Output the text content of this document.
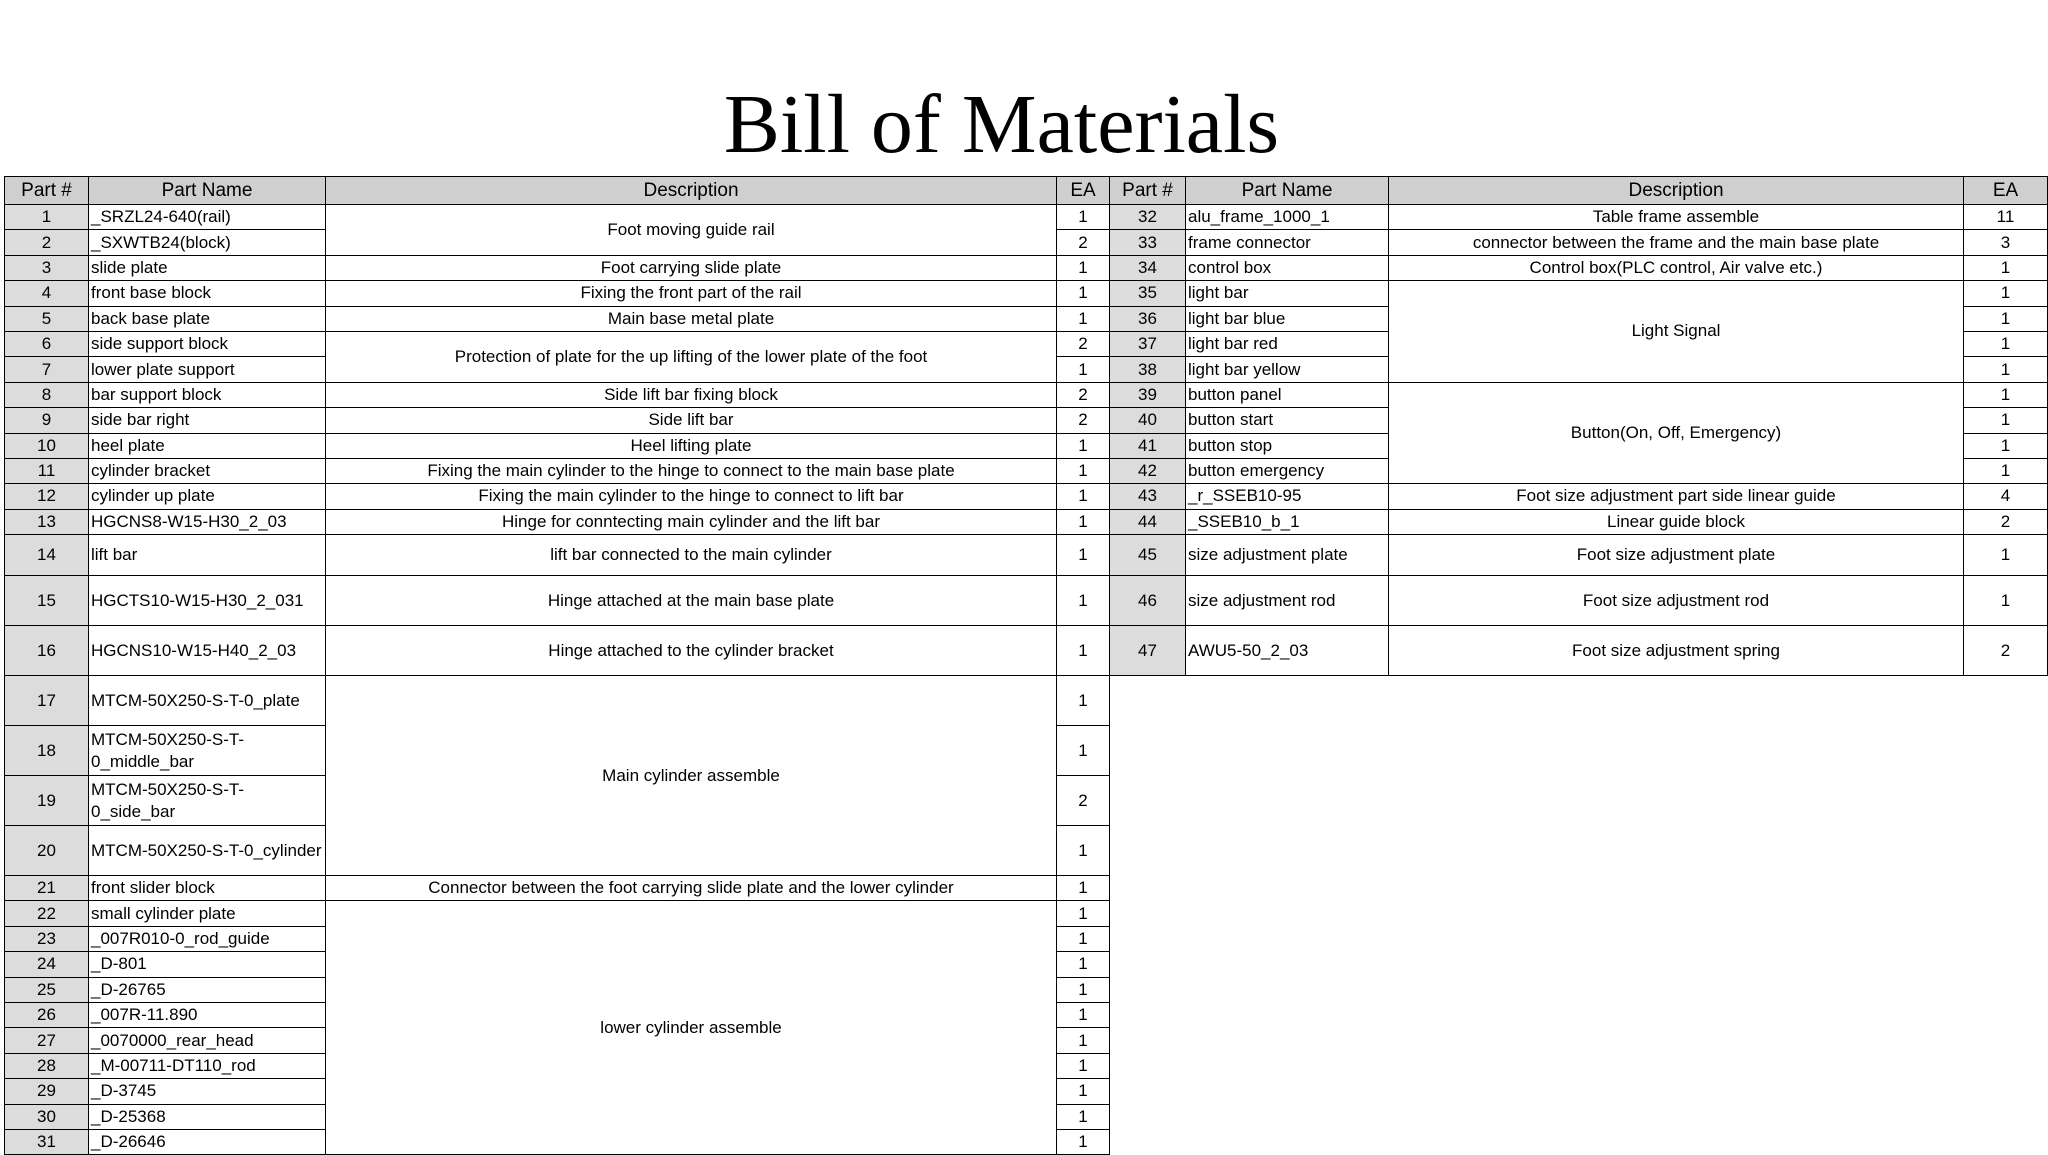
Bill of Materials
Part #	Part Name	Description	EA
1	_SRZL24-640(rail)	Foot moving guide rail	1
2	_SXWTB24(block)		2
3	slide plate	Foot carrying slide plate	1
4	front base block	Fixing the front part of the rail	1
5	back base plate	Main base metal plate	1
6	side support block	Protection of plate for the up lifting of the lower plate of the foot	2
7	lower plate support		1
8	bar support block	Side lift bar fixing block	2
9	side bar right	Side lift bar	2
10	heel plate	Heel lifting plate	1
11	cylinder bracket	Fixing the main cylinder to the hinge to connect to the main base plate	1
12	cylinder up plate	Fixing the main cylinder to the hinge to connect to lift bar	1
13	HGCNS8-W15-H30_2_03	Hinge for conntecting main cylinder and the lift bar	1
14	lift bar	lift bar connected to the main cylinder	1
15	HGCTS10-W15-H30_2_031	Hinge attached at the main base plate	1
16	HGCNS10-W15-H40_2_03	Hinge attached to the cylinder bracket	1
17	MTCM-50X250-S-T-0_plate	Main cylinder assemble	1
18	MTCM-50X250-S-T-0_middle_bar		1
19	MTCM-50X250-S-T-0_side_bar		2
20	MTCM-50X250-S-T-0_cylinder		1
21	front slider block	Connector between the foot carrying slide plate and the lower cylinder	1
22	small cylinder plate	lower cylinder assemble	1
23	_007R010-0_rod_guide		1
24	_D-801		1
25	_D-26765		1
26	_007R-11.890		1
27	_0070000_rear_head		1
28	_M-00711-DT110_rod		1
29	_D-3745		1
30	_D-25368		1
31	_D-26646		1
Part #	Part Name	Description	EA
32	alu_frame_1000_1	Table frame assemble	11
33	frame connector	connector between the frame and the main base plate	3
34	control box	Control box(PLC control, Air valve etc.)	1
35	light bar	Light Signal	1
36	light bar blue		1
37	light bar red		1
38	light bar yellow		1
39	button panel	Button(On, Off, Emergency)	1
40	button start		1
41	button stop		1
42	button emergency		1
43	_r_SSEB10-95	Foot size adjustment part side linear guide	4
44	_SSEB10_b_1	Linear guide block	2
45	size adjustment plate	Foot size adjustment plate	1
46	size adjustment rod	Foot size adjustment rod	1
47	AWU5-50_2_03	Foot size adjustment spring	2
